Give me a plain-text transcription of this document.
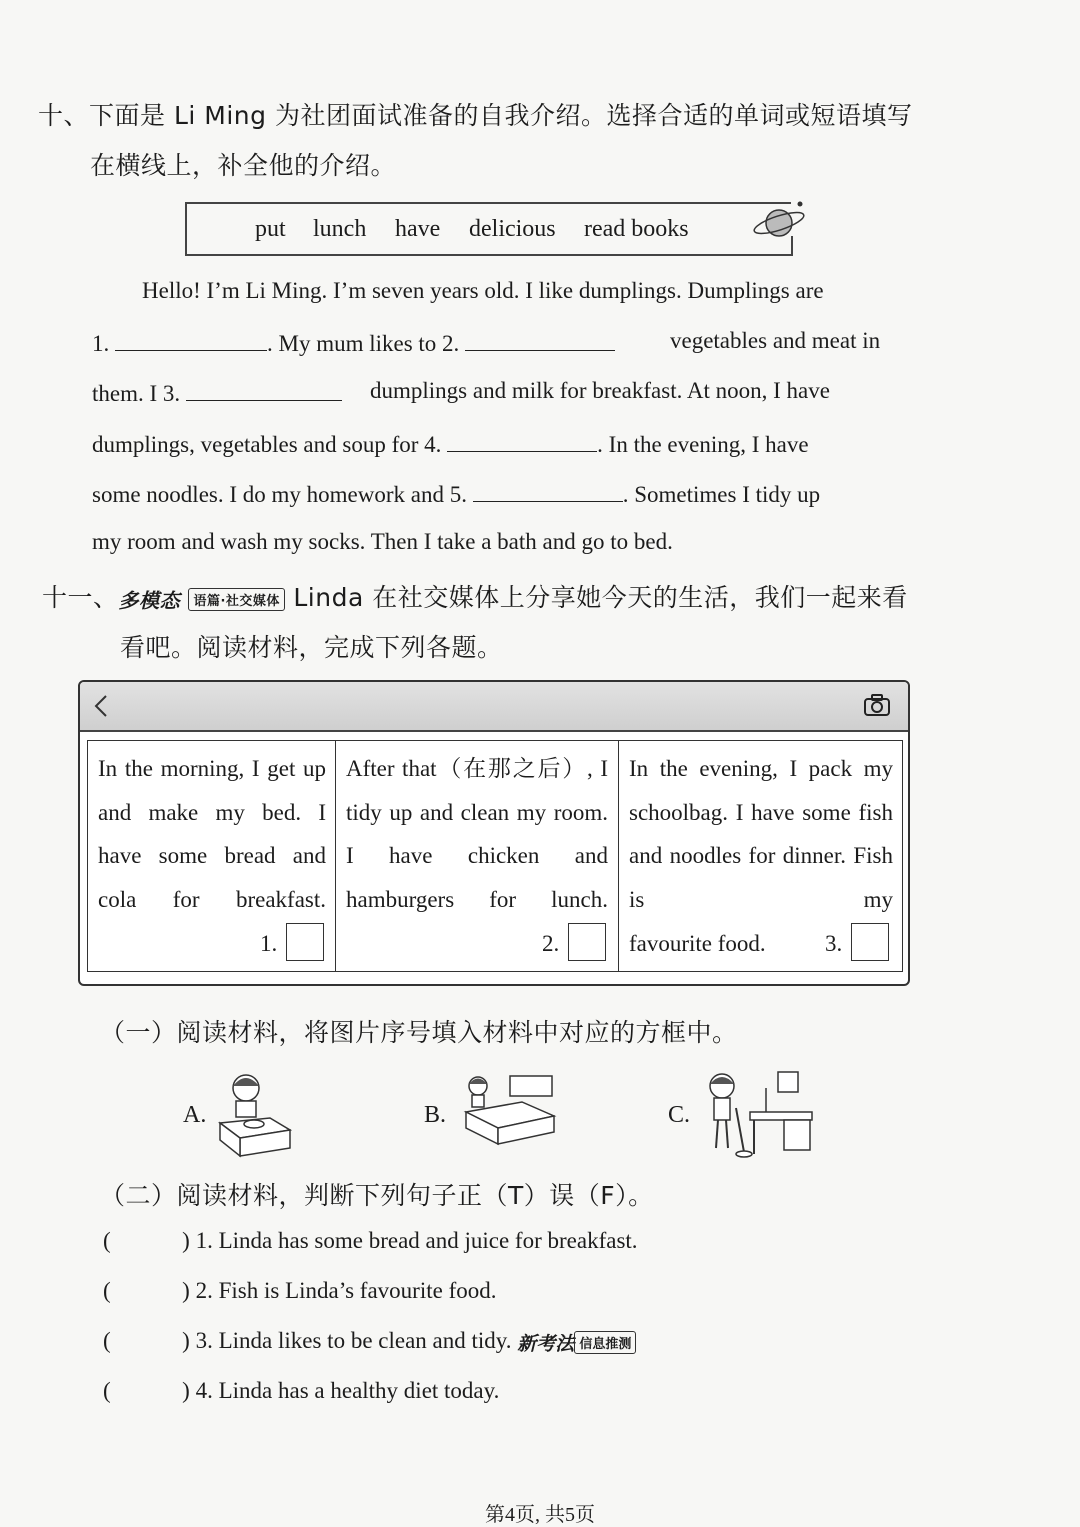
十、下面是 Li Ming 为社团面试准备的自我介绍。选择合适的单词或短语填写
在横线上，补全他的介绍。
put lunch have delicious read books
Hello! I’m Li Ming. I’m seven years old. I like dumplings. Dumplings are
1.	. My mum likes to 2.	vegetables and meat in
them. I 3.	dumplings and milk for breakfast. At noon, I have
dumplings, vegetables and soup for 4.	. In the evening, I have
some noodles. I do my homework and 5.	. Sometimes I tidy up
my room and wash my socks. Then I take a bath and go to bed.
十一、多模态 语篇·社交媒体 Linda 在社交媒体上分享她今天的生活，我们一起来看
看吧。阅读材料，完成下列各题。
In the morning, I get up and make my bed. I have some bread and cola for breakfast.
1.
After that（在那之后）, I tidy up and clean my room. I have chicken and hamburgers for lunch.
2.
In the evening, I pack my schoolbag. I have some fish and noodles for dinner. Fish is my
favourite food.	3.
（一）阅读材料，将图片序号填入材料中对应的方框中。
A.	B.	C.
（二）阅读材料，判断下列句子正（T）误（F）。
(	) 1. Linda has some bread and juice for breakfast.
(	) 2. Fish is Linda’s favourite food.
(	) 3. Linda likes to be clean and tidy. 新考法 信息推测
(	) 4. Linda has a healthy diet today.
第4页, 共5页
